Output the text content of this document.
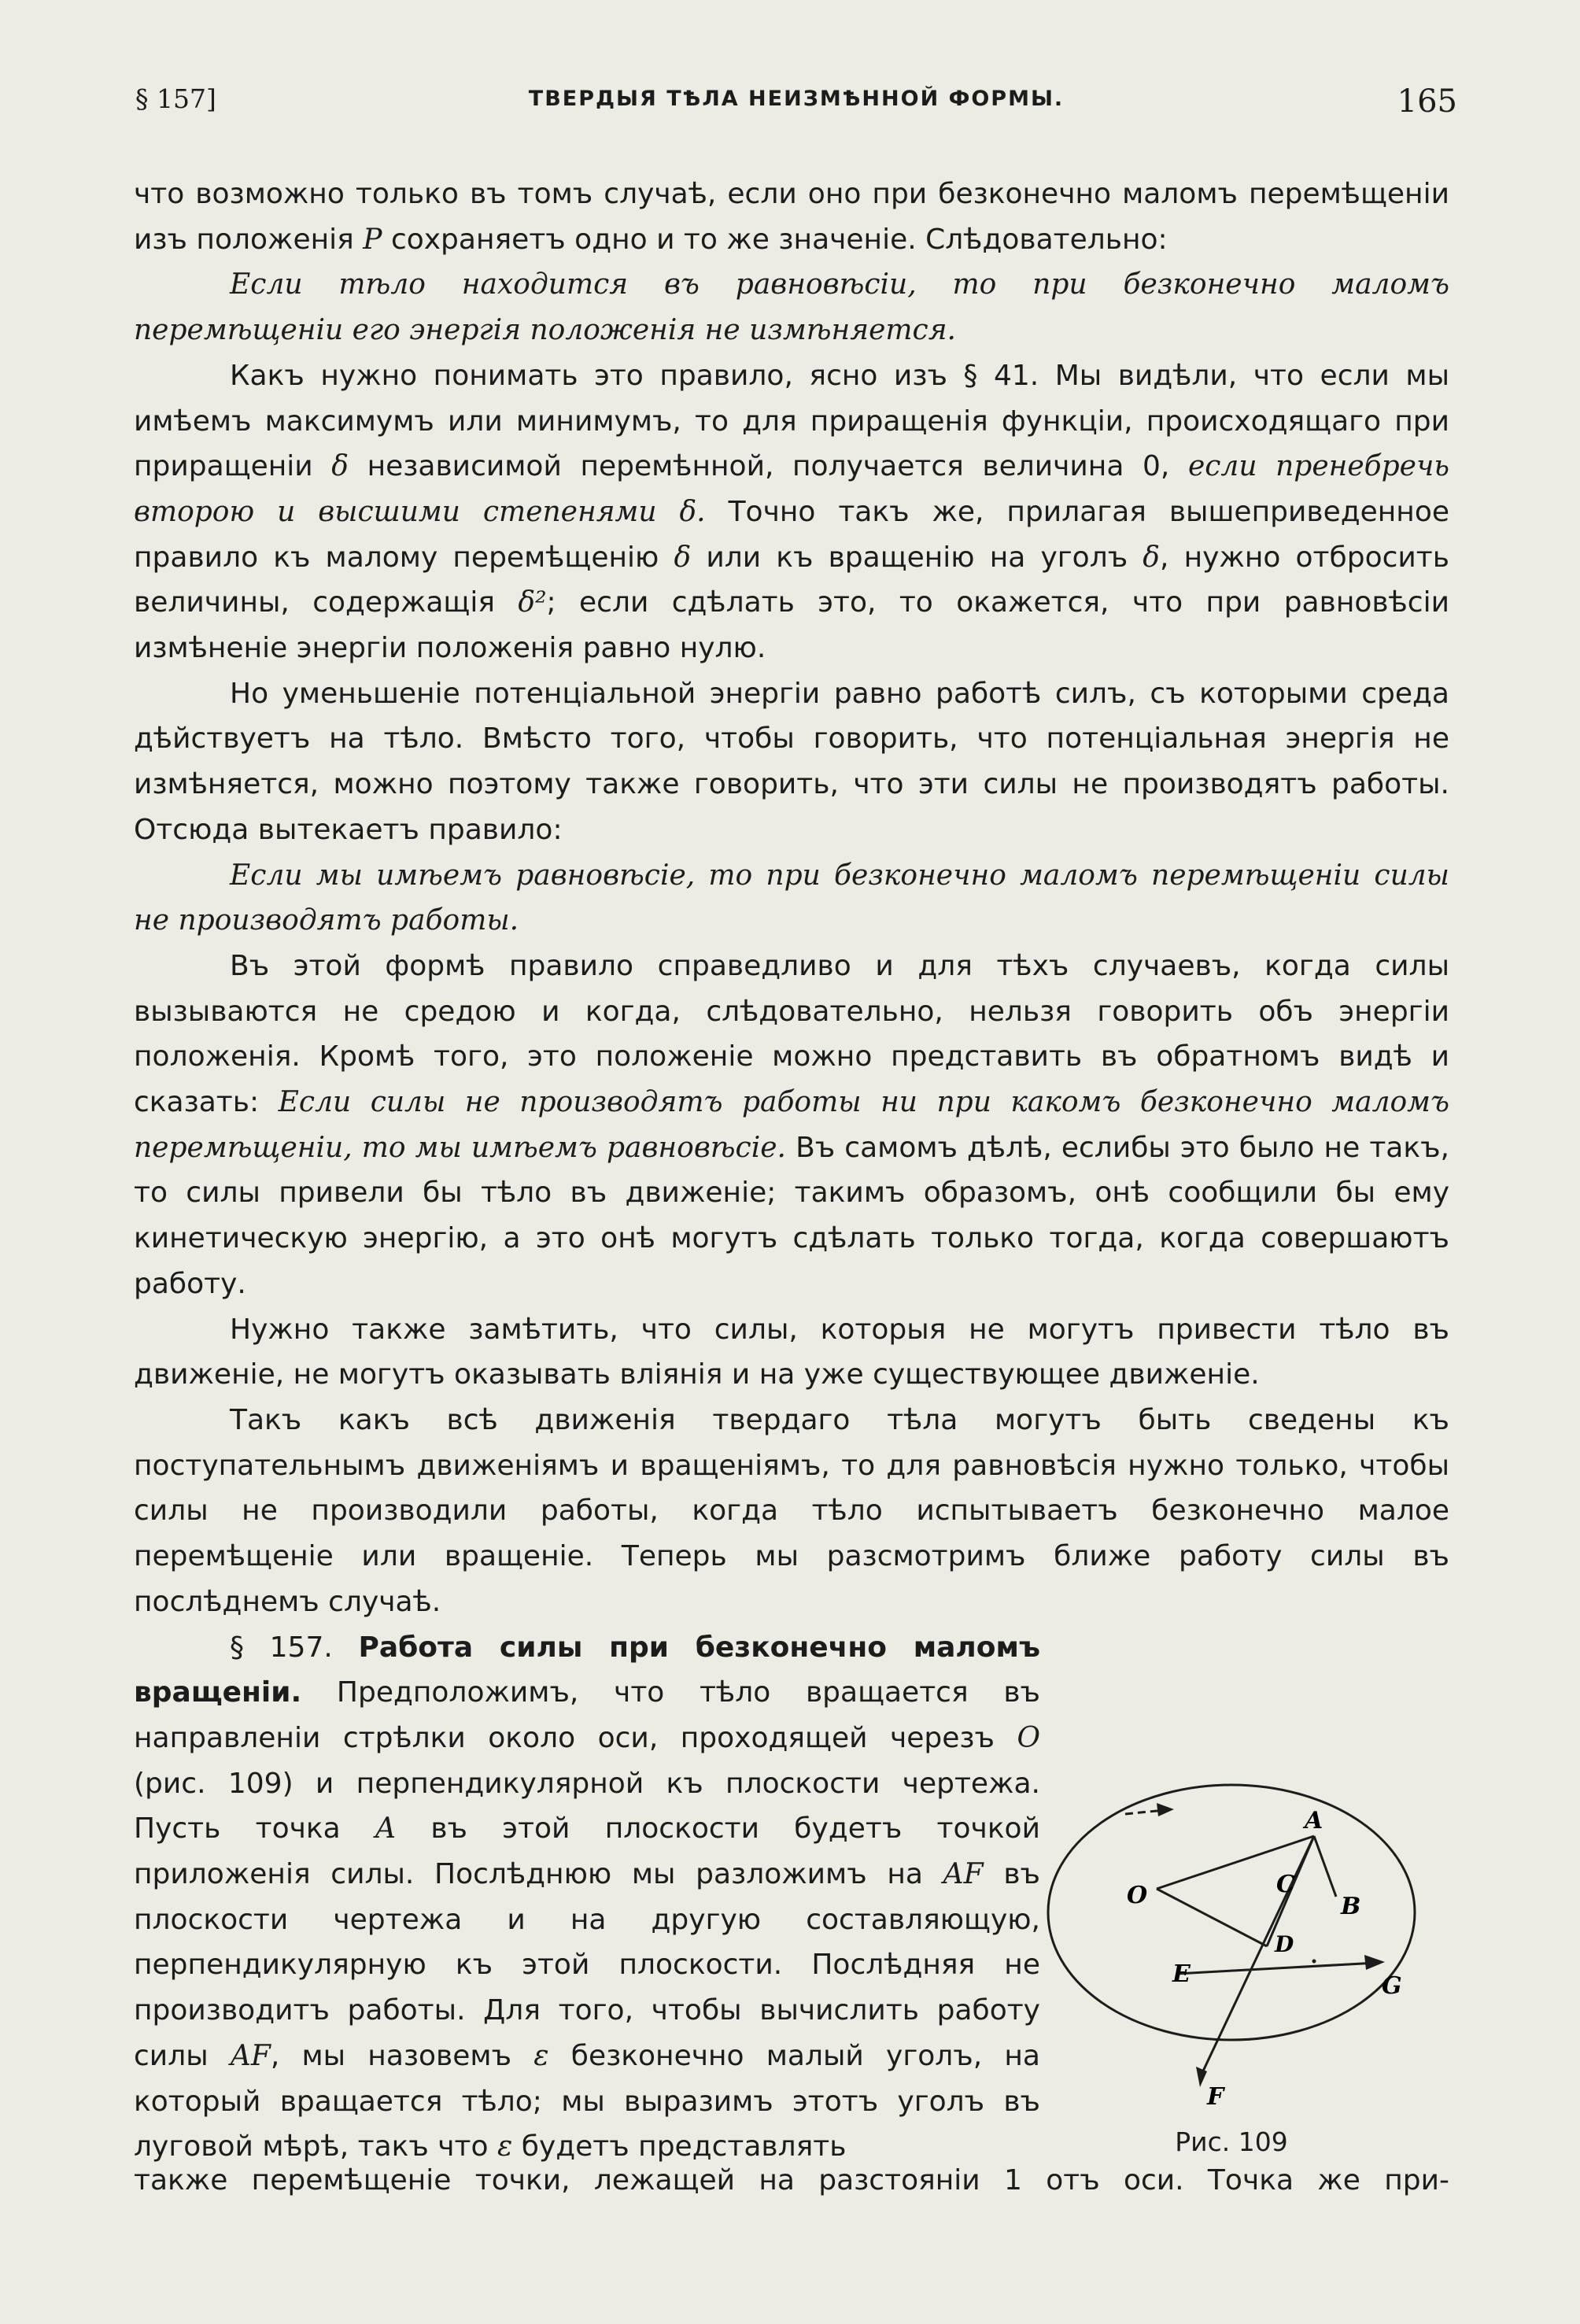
§ 157]	ТВЕРДЫЯ ТѢЛА НЕИЗМѢННОЙ ФОРМЫ.	165

что возможно только въ томъ случаѣ, если оно при безконечно маломъ перемѣщеніи изъ положенія P сохраняетъ одно и то же значеніе. Слѣдовательно:

Если тѣло находится въ равновѣсіи, то при безконечно маломъ перемѣщеніи его энергія положенія не измѣняется.

Какъ нужно понимать это правило, ясно изъ § 41. Мы видѣли, что если мы имѣемъ максимумъ или минимумъ, то для приращенія функціи, происходящаго при приращеніи δ независимой перемѣнной, получается величина 0, если пренебречь второю и высшими степенями δ. Точно такъ же, прилагая вышеприведенное правило къ малому перемѣщенію δ или къ вращенію на уголъ δ, нужно отбросить величины, содержащія δ²; если сдѣлать это, то окажется, что при равновѣсіи измѣненіе энергіи положенія равно нулю.

Но уменьшеніе потенціальной энергіи равно работѣ силъ, съ которыми среда дѣйствуетъ на тѣло. Вмѣсто того, чтобы говорить, что потенціальная энергія не измѣняется, можно поэтому также говорить, что эти силы не производятъ работы. Отсюда вытекаетъ правило:

Если мы имѣемъ равновѣсіе, то при безконечно маломъ перемѣщеніи силы не производятъ работы.

Въ этой формѣ правило справедливо и для тѣхъ случаевъ, когда силы вызываются не средою и когда, слѣдовательно, нельзя говорить объ энергіи положенія. Кромѣ того, это положеніе можно представить въ обратномъ видѣ и сказать: Если силы не производятъ работы ни при какомъ безконечно маломъ перемѣщеніи, то мы имѣемъ равновѣсіе. Въ самомъ дѣлѣ, еслибы это было не такъ, то силы привели бы тѣло въ движеніе; такимъ образомъ, онѣ сообщили бы ему кинетическую энергію, а это онѣ могутъ сдѣлать только тогда, когда совершаютъ работу.

Нужно также замѣтить, что силы, которыя не могутъ привести тѣло въ движеніе, не могутъ оказывать вліянія и на уже существующее движеніе.

Такъ какъ всѣ движенія твердаго тѣла могутъ быть сведены къ поступательнымъ движеніямъ и вращеніямъ, то для равновѣсія нужно только, чтобы силы не производили работы, когда тѣло испытываетъ безконечно малое перемѣщеніе или вращеніе. Теперь мы разсмотримъ ближе работу силы въ послѣднемъ случаѣ.

§ 157. Работа силы при безконечно маломъ вращеніи. Предположимъ, что тѣло вращается въ направленіи стрѣлки около оси, проходящей черезъ O (рис. 109) и перпендикулярной къ плоскости чертежа. Пусть точка A въ этой плоскости будетъ точкой приложенія силы. Послѣднюю мы разложимъ на AF въ плоскости чертежа и на другую составляющую, перпендикулярную къ этой плоскости. Послѣдняя не производитъ работы. Для того, чтобы вычислить работу силы AF, мы назовемъ ε безконечно малый уголъ, на который вращается тѣло; мы выразимъ этотъ уголъ въ луговой мѣрѣ, такъ что ε будетъ представлять

A
B
C
D
E
F
G
O
Рис. 109
также перемѣщеніе точки, лежащей на разстояніи 1 отъ оси. Точка же при-
